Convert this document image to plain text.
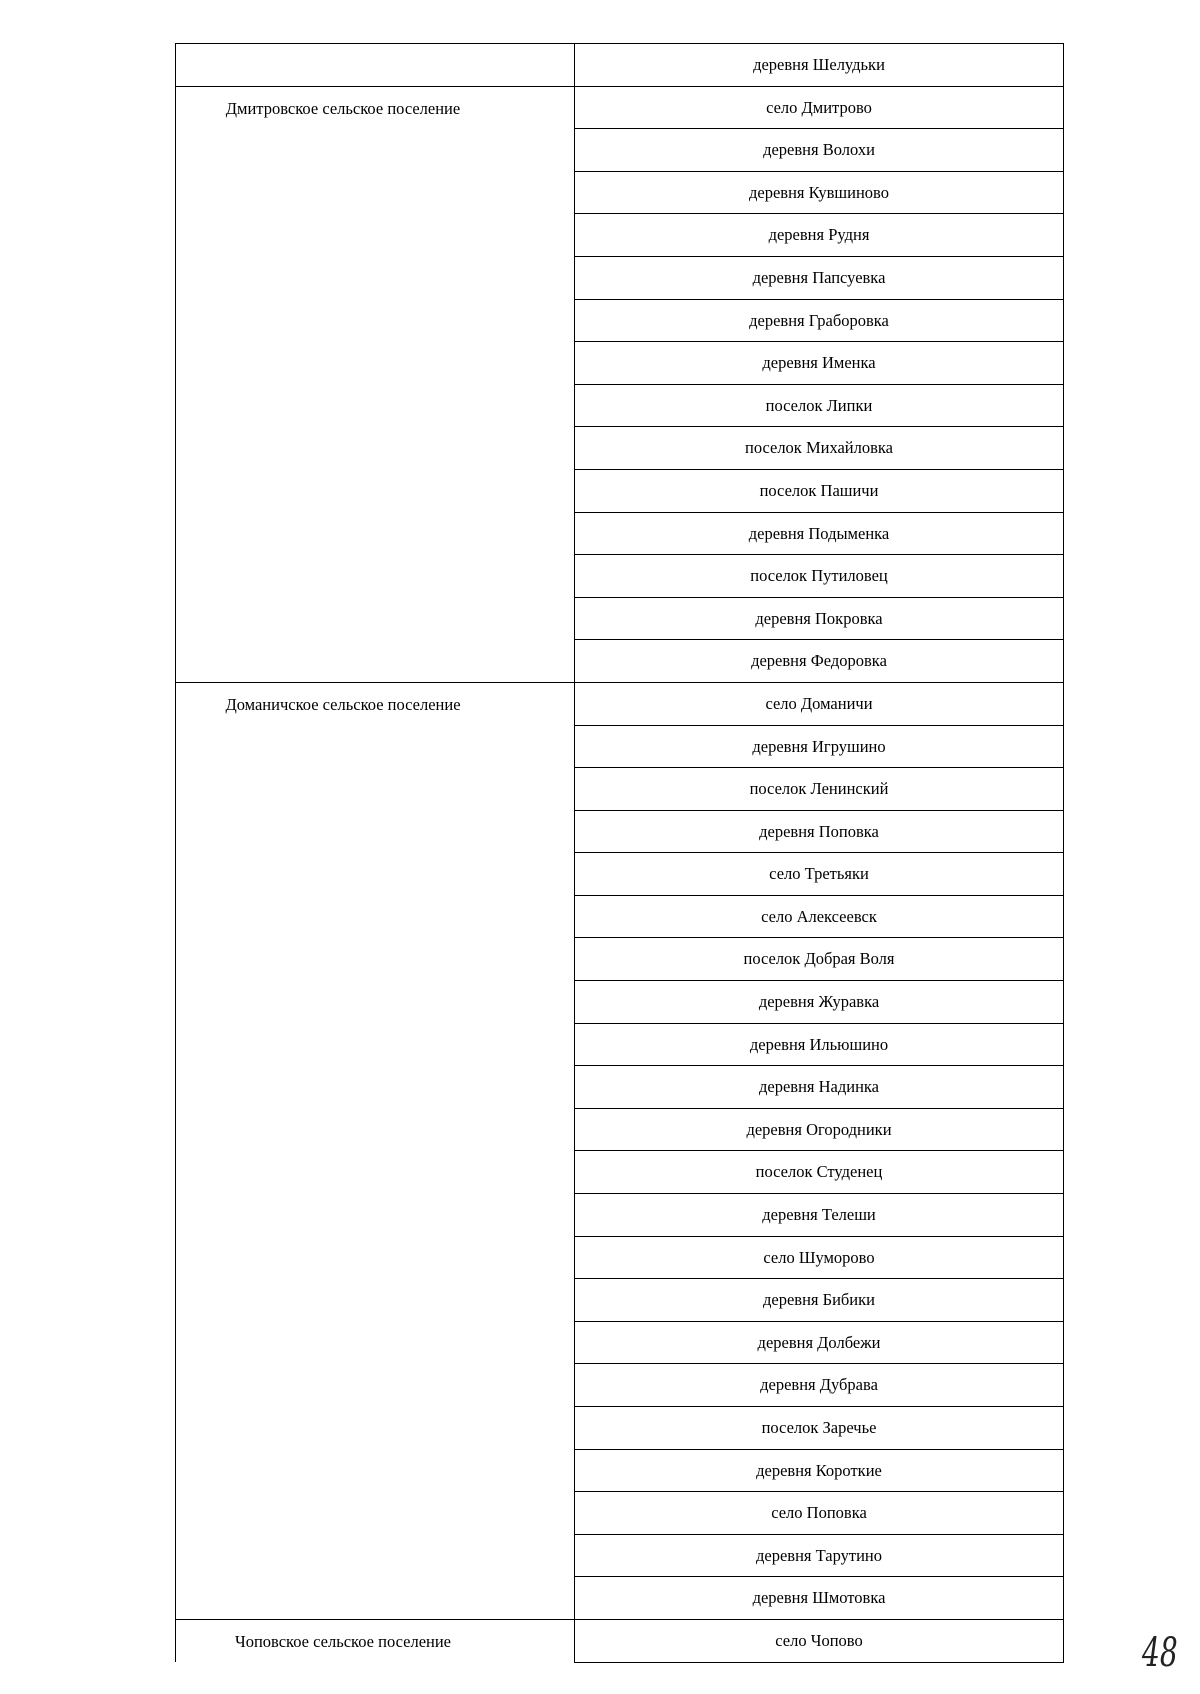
	деревня Шелудьки

Дмитровское сельское поселение	село Дмитрово
	деревня Волохи
	деревня Кувшиново
	деревня Рудня
	деревня Папсуевка
	деревня Граборовка
	деревня Именка
	поселок Липки
	поселок Михайловка
	поселок Пашичи
	деревня Подыменка
	поселок Путиловец
	деревня Покровка
	деревня Федоровка

Доманичское сельское поселение	село Доманичи
	деревня Игрушино
	поселок Ленинский
	деревня Поповка
	село Третьяки
	село Алексеевск
	поселок Добрая Воля
	деревня Журавка
	деревня Ильюшино
	деревня Надинка
	деревня Огородники
	поселок Студенец
	деревня Телеши
	село Шуморово
	деревня Бибики
	деревня Долбежи
	деревня Дубрава
	поселок Заречье
	деревня Короткие
	село Поповка
	деревня Тарутино
	деревня Шмотовка

Чоповское сельское поселение	село Чопово	48
